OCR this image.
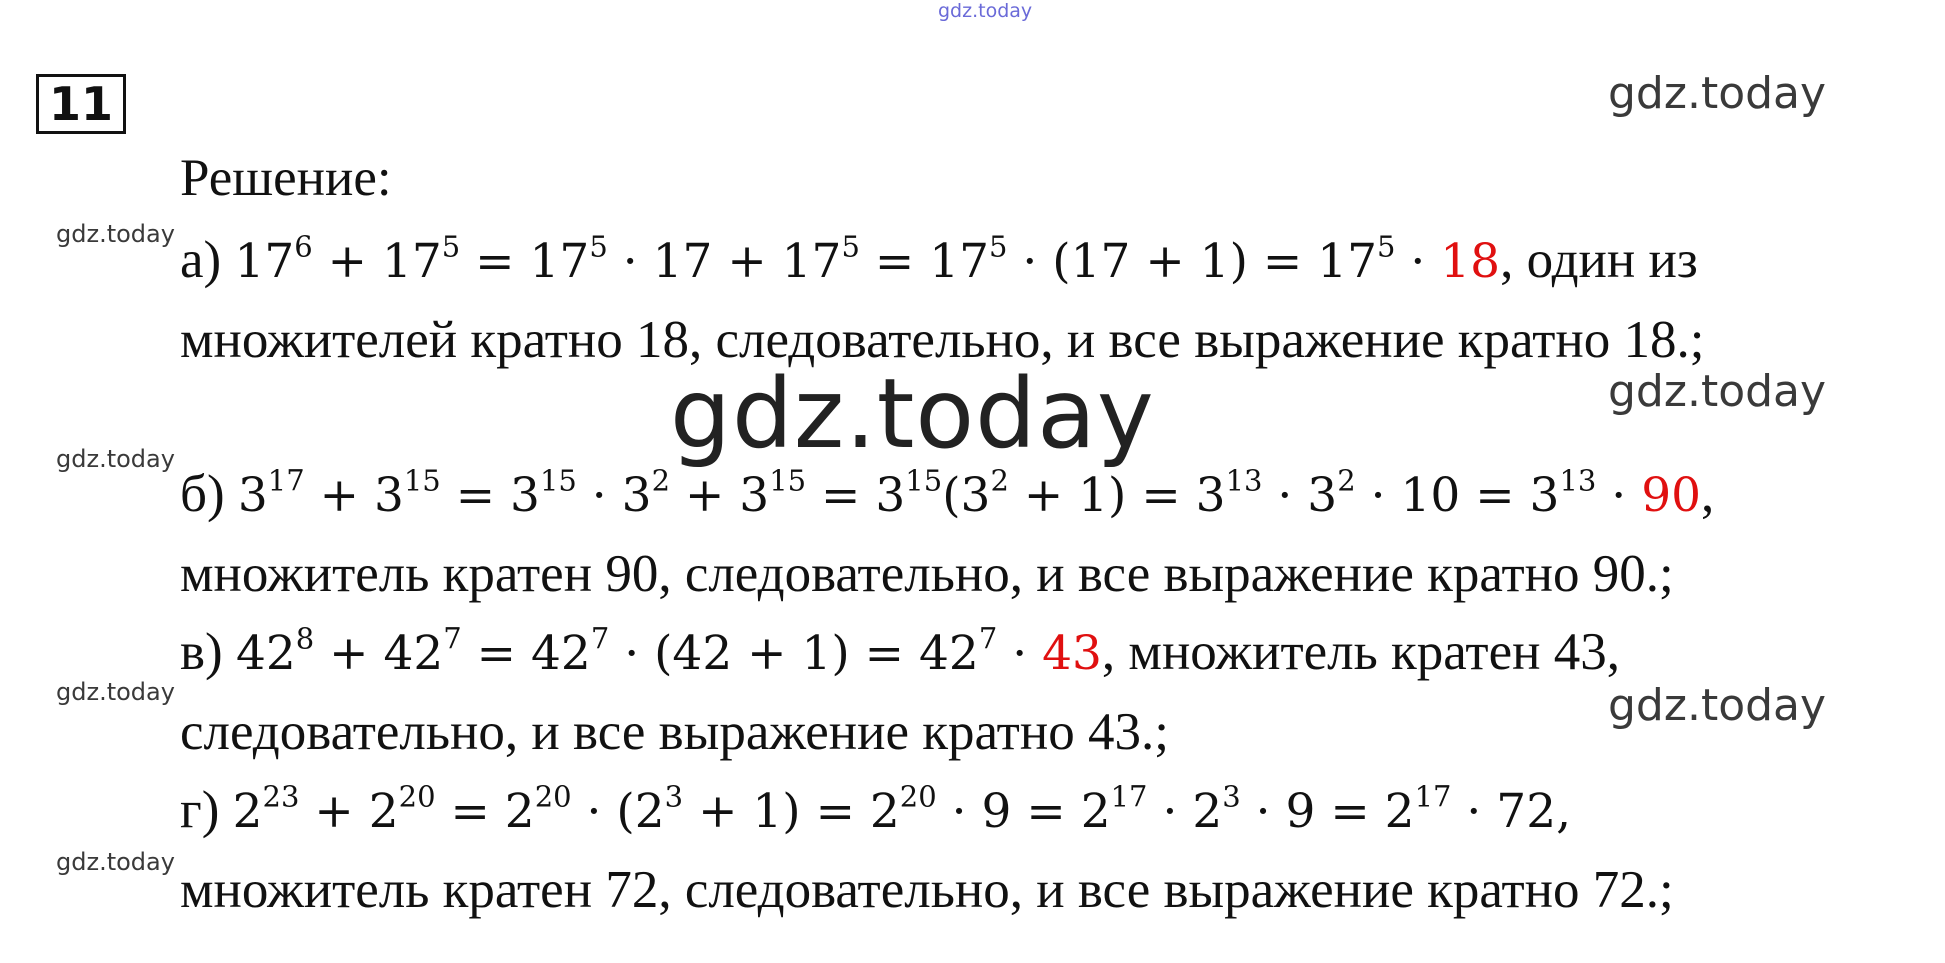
gdz.today
gdz.today
gdz.today
gdz.today
gdz.today
gdz.today
gdz.today
gdz.today
gdz.today
11
Решение:
а) $17^6 + 17^5 = 17^5 \cdot 17 + 17^5 = 17^5 \cdot (17 + 1) = 17^5 \cdot 18$, один из
множителей кратно 18, следовательно, и все выражение кратно 18.;
б) $3^{17} + 3^{15} = 3^{15} \cdot 3^2 + 3^{15} = 3^{15}(3^2 + 1) = 3^{13} \cdot 3^2 \cdot 10 = 3^{13} \cdot 90$,
множитель кратен 90, следовательно, и все выражение кратно 90.;
в) $42^8 + 42^7 = 42^7 \cdot (42 + 1) = 42^7 \cdot 43$, множитель кратен 43,
следовательно, и все выражение кратно 43.;
г) $2^{23} + 2^{20} = 2^{20} \cdot (2^3 + 1) = 2^{20} \cdot 9 = 2^{17} \cdot 2^3 \cdot 9 = 2^{17} \cdot 72$,
множитель кратен 72, следовательно, и все выражение кратно 72.;
